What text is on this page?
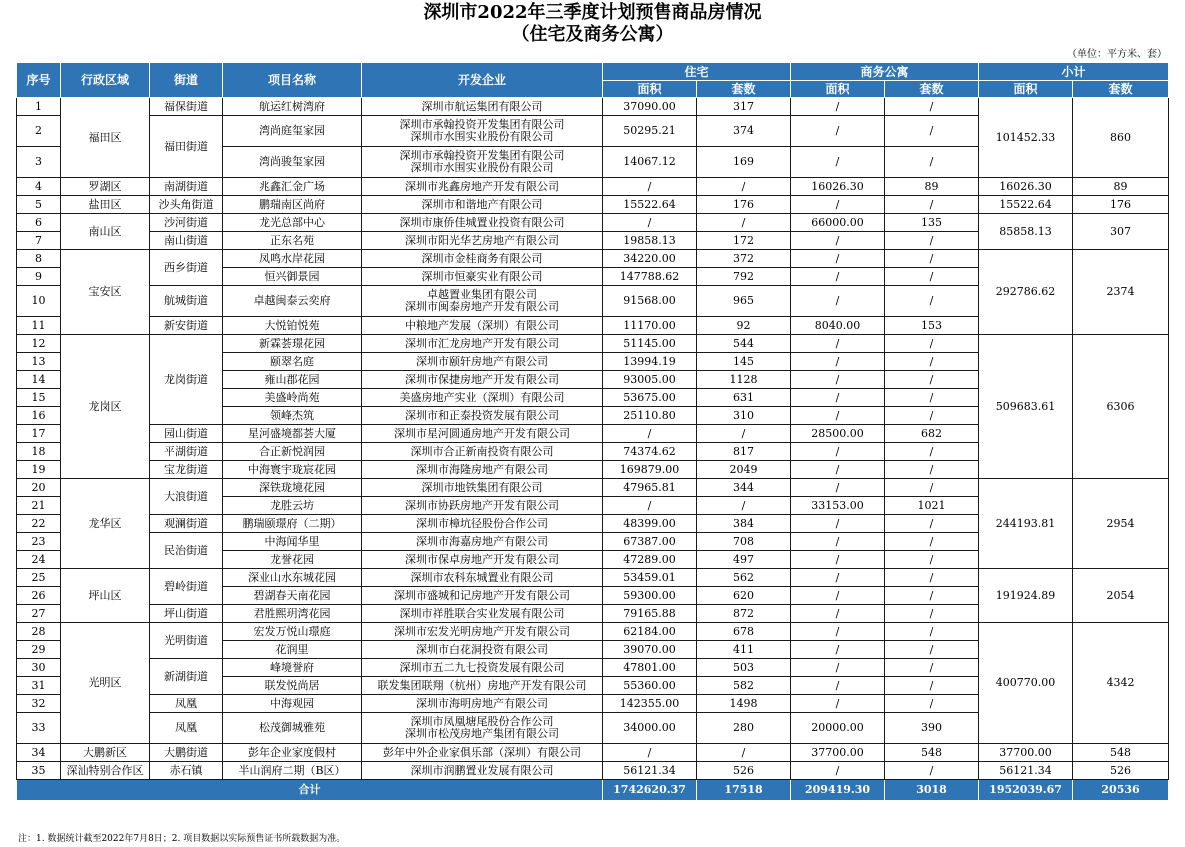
深圳市2022年三季度计划预售商品房情况
（住宅及商务公寓）
（单位：平方米、套）
序号	行政区域	街道	项目名称	开发企业	住宅		商务公寓		小计	
					面积	套数	面积	套数	面积	套数
1	福田区	福保街道	航运红树湾府	深圳市航运集团有限公司	37090.00	317	/	/	101452.33	860
2		福田街道	湾尚庭玺家园	深圳市承翰投资开发集团有限公司
深圳市水围实业股份有限公司	50295.21	374	/	/		
3			湾尚骏玺家园	深圳市承翰投资开发集团有限公司
深圳市水围实业股份有限公司	14067.12	169	/	/		
4	罗湖区	南湖街道	兆鑫汇金广场	深圳市兆鑫房地产开发有限公司	/	/	16026.30	89	16026.30	89
5	盐田区	沙头角街道	鹏瑞南区尚府	深圳市和谐地产有限公司	15522.64	176	/	/	15522.64	176
6	南山区	沙河街道	龙光总部中心	深圳市康侨佳城置业投资有限公司	/	/	66000.00	135	85858.13	307
7		南山街道	正东名苑	深圳市阳光华艺房地产有限公司	19858.13	172	/	/		
8	宝安区	西乡街道	凤鸣水岸花园	深圳市金桂商务有限公司	34220.00	372	/	/	292786.62	2374
9			恒兴御景园	深圳市恒豪实业有限公司	147788.62	792	/	/		
10		航城街道	卓越闽泰云奕府	卓越置业集团有限公司
深圳市闽泰房地产开发有限公司	91568.00	965	/	/		
11		新安街道	大悦铂悦苑	中粮地产发展（深圳）有限公司	11170.00	92	8040.00	153		
12	龙岗区	龙岗街道	新霖荟璟花园	深圳市汇龙房地产开发有限公司	51145.00	544	/	/	509683.61	6306
13			颐翠名庭	深圳市颐轩房地产有限公司	13994.19	145	/	/		
14			雍山郡花园	深圳市保捷房地产开发有限公司	93005.00	1128	/	/		
15			美盛岭尚苑	美盛房地产实业（深圳）有限公司	53675.00	631	/	/		
16			领峰杰筑	深圳市和正泰投资发展有限公司	25110.80	310	/	/		
17		园山街道	星河盛境都荟大厦	深圳市星河圆通房地产开发有限公司	/	/	28500.00	682		
18		平湖街道	合正新悦润园	深圳市合正新南投资有限公司	74374.62	817	/	/		
19		宝龙街道	中海寰宇珑宸花园	深圳市海隆房地产有限公司	169879.00	2049	/	/		
20	龙华区	大浪街道	深铁珑境花园	深圳市地铁集团有限公司	47965.81	344	/	/	244193.81	2954
21			龙胜云坊	深圳市协跃房地产开发有限公司	/	/	33153.00	1021		
22		观澜街道	鹏瑞颐璟府（二期）	深圳市樟坑径股份合作公司	48399.00	384	/	/		
23		民治街道	中海闻华里	深圳市海嘉房地产有限公司	67387.00	708	/	/		
24			龙誉花园	深圳市保卓房地产开发有限公司	47289.00	497	/	/		
25	坪山区	碧岭街道	深业山水东城花园	深圳市农科东城置业有限公司	53459.01	562	/	/	191924.89	2054
26			碧湖春天南花园	深圳市盛城和记房地产开发有限公司	59300.00	620	/	/		
27		坪山街道	君胜熙玥湾花园	深圳市祥胜联合实业发展有限公司	79165.88	872	/	/		
28	光明区	光明街道	宏发万悦山璟庭	深圳市宏发光明房地产开发有限公司	62184.00	678	/	/	400770.00	4342
29			花润里	深圳市白花洞投资有限公司	39070.00	411	/	/		
30		新湖街道	峰境誉府	深圳市五二九七投资发展有限公司	47801.00	503	/	/		
31			联发悦尚居	联发集团联翔（杭州）房地产开发有限公司	55360.00	582	/	/		
32		凤凰	中海观园	深圳市海明房地产有限公司	142355.00	1498	/	/		
33		凤凰	松茂御城雅苑	深圳市凤凰塘尾股份合作公司
深圳市松茂房地产集团有限公司	34000.00	280	20000.00	390		
34	大鹏新区	大鹏街道	彭年企业家度假村	彭年中外企业家俱乐部（深圳）有限公司	/	/	37700.00	548	37700.00	548
35	深汕特别合作区	赤石镇	半山润府二期（B区）	深圳市润鹏置业发展有限公司	56121.34	526	/	/	56121.34	526
合计					1742620.37	17518	209419.30	3018	1952039.67	20536
注：1. 数据统计截至2022年7月8日；2. 项目数据以实际预售证书所载数据为准。
